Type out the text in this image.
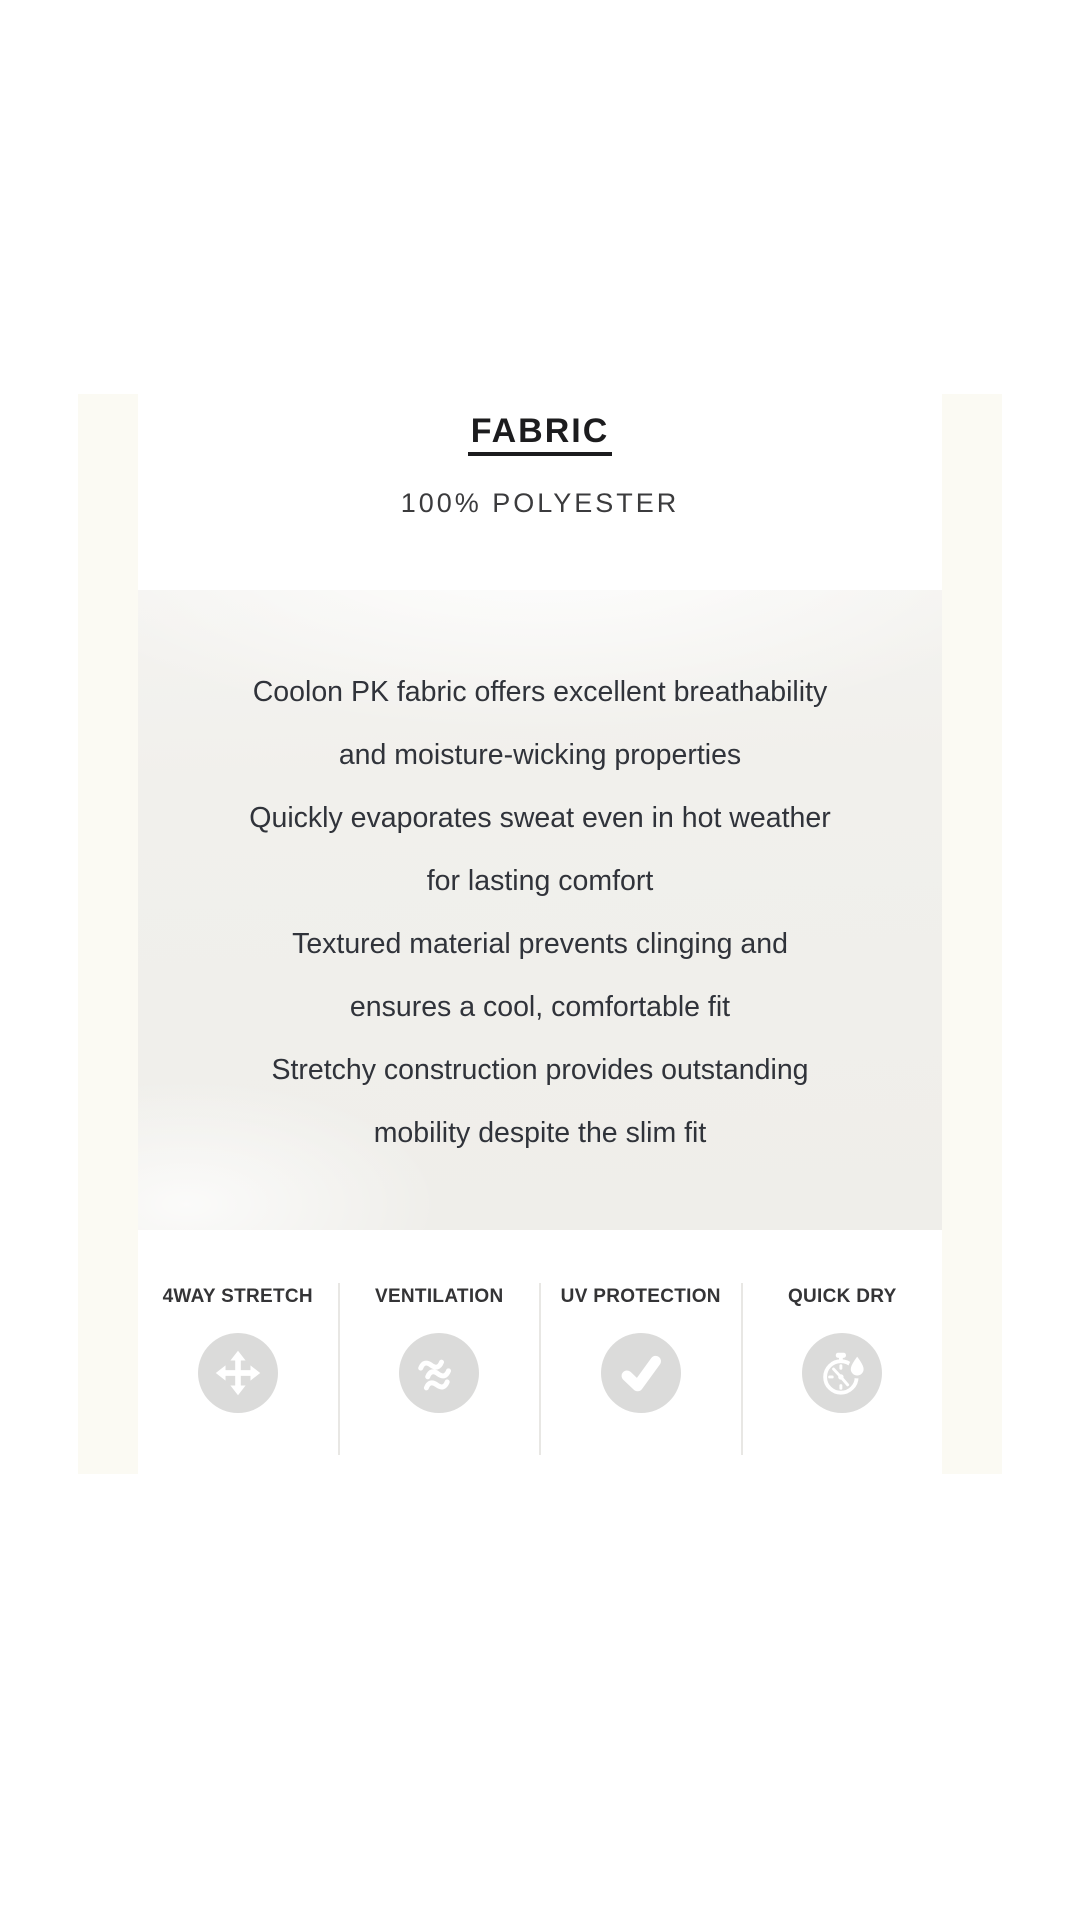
FABRIC
100% POLYESTER
Coolon PK fabric offers excellent breathability
and moisture-wicking properties
Quickly evaporates sweat even in hot weather
for lasting comfort
Textured material prevents clinging and
ensures a cool, comfortable fit
Stretchy construction provides outstanding
mobility despite the slim fit
4WAY STRETCH	VENTILATION	UV PROTECTION	QUICK DRY
